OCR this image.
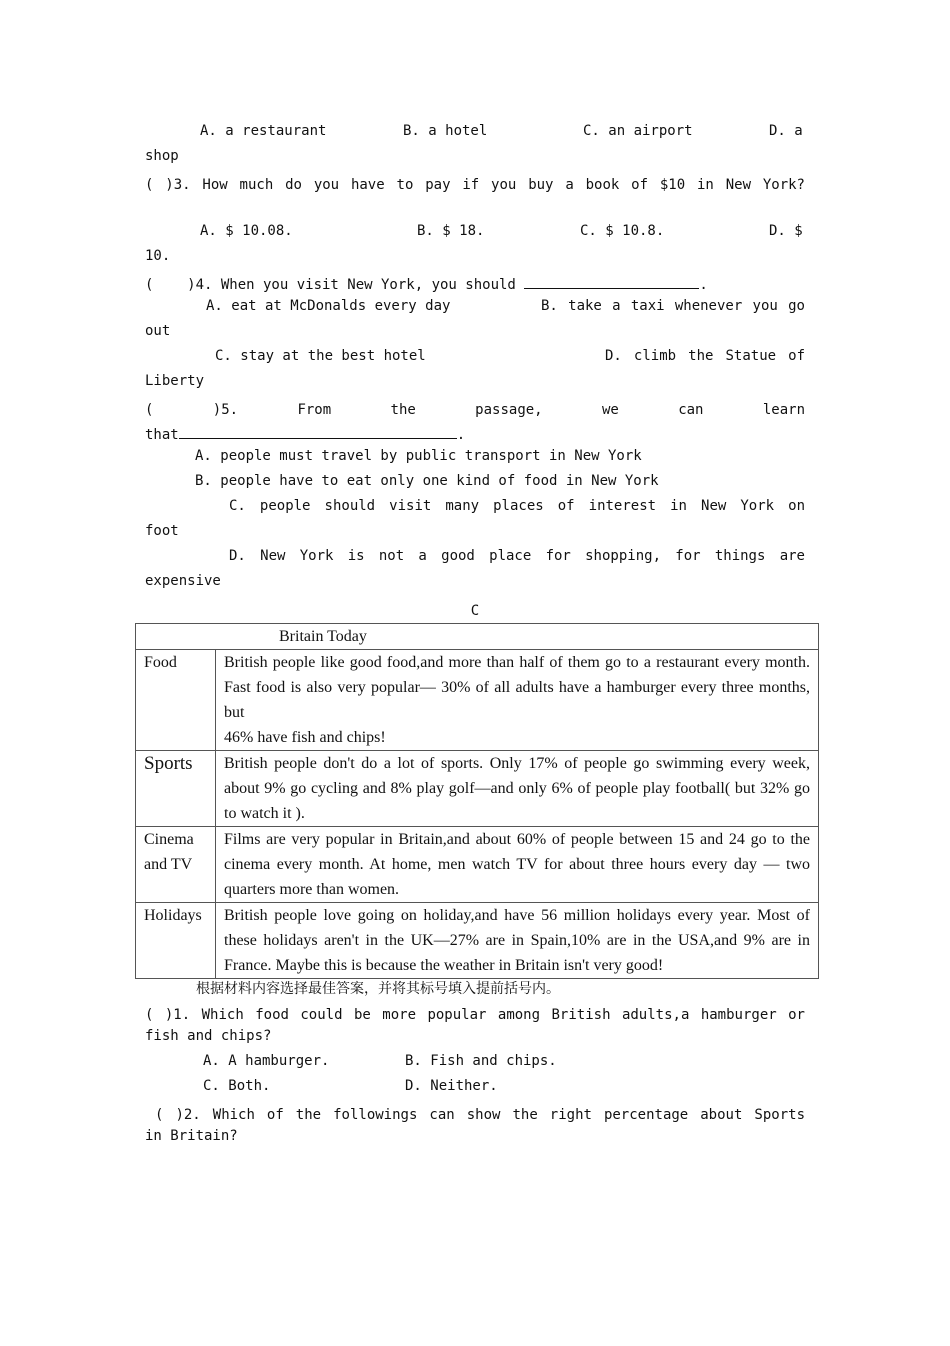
A. a restaurant	B. a hotel	C. an airport	D. a
shop
( )3. How much do you have to pay if you buy a book of $10 in New York?
A. $ 10.08.	B. $ 18.	C. $ 10.8.	D. $
10.
(    )4. When you visit New York, you should	.
A. eat at McDonalds every day	B. take a taxi whenever you go
out
C. stay at the best hotel	D. climb the Statue of
Liberty
( )5. From the passage, we can learn
that	.
A. people must travel by public transport in New York
B. people have to eat only one kind of food in New York
C. people should visit many places of interest in New York on
foot
D. New York is not a good place for shopping, for things are
expensive
C
Britain Today	
Food	British people like good food,and more than half of them go to a restaurant every month. Fast food is also very popular— 30% of all adults have a hamburger every three months, but
46% have fish and chips!
Sports	British people don't do a lot of sports. Only 17% of people go swimming every week, about 9% go cycling and 8% play golf—and only 6% of people play football( but 32% go to watch it ).
Cinema and TV	Films are very popular in Britain,and about 60% of people between 15 and 24 go to the cinema every month. At home, men watch TV for about three hours every day — two quarters more than women.
Holidays	British people love going on holiday,and have 56 million holidays every year. Most of these holidays aren't in the UK—27% are in Spain,10% are in the USA,and 9% are in France. Maybe this is because the weather in Britain isn't very good!
根据材料内容选择最佳答案，并将其标号填入提前括号内。
( )1. Which food could be more popular among British adults,a hamburger or
fish and chips?
A. A hamburger.	B. Fish and chips.
C. Both.	D. Neither.
( )2. Which of the followings can show the right percentage about Sports
in Britain?
